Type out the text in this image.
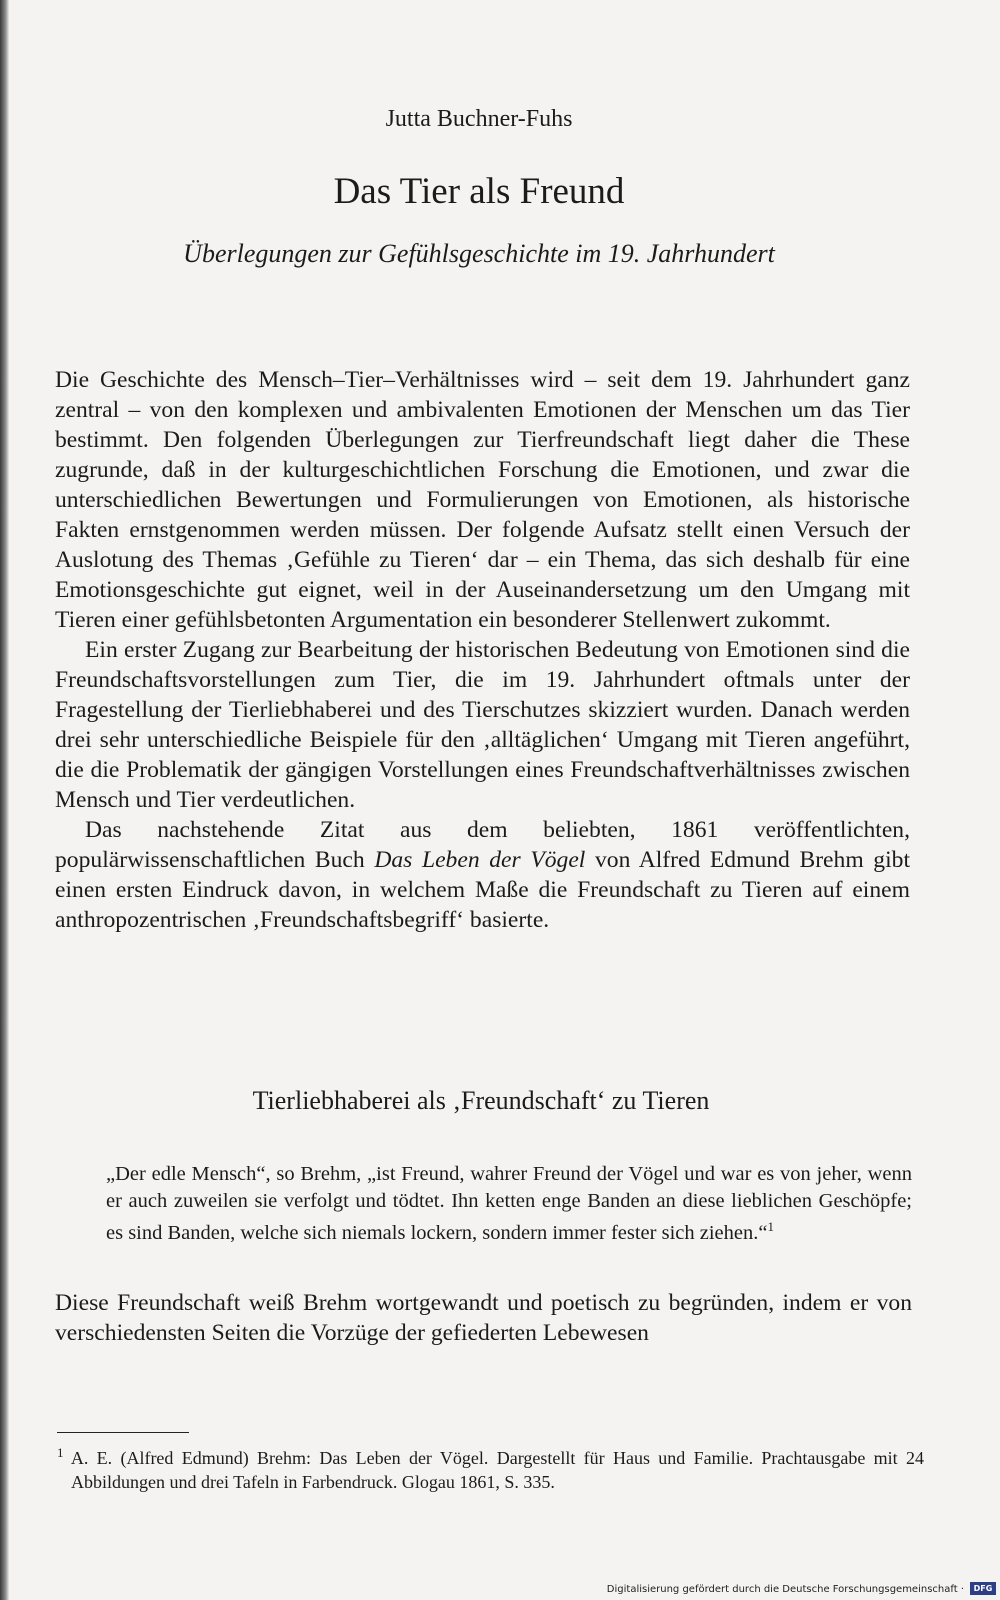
Jutta Buchner-Fuhs
Das Tier als Freund
Überlegungen zur Gefühlsgeschichte im 19. Jahrhundert

Die Geschichte des Mensch–Tier–Verhältnisses wird – seit dem 19. Jahrhundert ganz zentral – von den komplexen und ambivalenten Emotionen der Menschen um das Tier bestimmt. Den folgenden Überlegungen zur Tierfreundschaft liegt daher die These zugrunde, daß in der kulturgeschichtlichen Forschung die Emotionen, und zwar die unterschiedlichen Bewertungen und Formulierungen von Emotionen, als historische Fakten ernstgenommen werden müssen. Der folgende Aufsatz stellt einen Versuch der Auslotung des Themas ‚Gefühle zu Tieren‘ dar – ein Thema, das sich deshalb für eine Emotionsgeschichte gut eignet, weil in der Auseinandersetzung um den Umgang mit Tieren einer gefühlsbetonten Argumentation ein besonderer Stellenwert zukommt.

Ein erster Zugang zur Bearbeitung der historischen Bedeutung von Emotionen sind die Freundschaftsvorstellungen zum Tier, die im 19. Jahrhundert oftmals unter der Fragestellung der Tierliebhaberei und des Tierschutzes skizziert wurden. Danach werden drei sehr unterschiedliche Beispiele für den ‚alltäglichen‘ Umgang mit Tieren angeführt, die die Problematik der gängigen Vorstellungen eines Freundschaftverhältnisses zwischen Mensch und Tier verdeutlichen.

Das nachstehende Zitat aus dem beliebten, 1861 veröffentlichten, populärwissenschaftlichen Buch Das Leben der Vögel von Alfred Edmund Brehm gibt einen ersten Eindruck davon, in welchem Maße die Freundschaft zu Tieren auf einem anthropozentrischen ‚Freundschaftsbegriff‘ basierte.

Tierliebhaberei als ‚Freundschaft‘ zu Tieren
„Der edle Mensch“, so Brehm, „ist Freund, wahrer Freund der Vögel und war es von jeher, wenn er auch zuweilen sie verfolgt und tödtet. Ihn ketten enge Banden an diese lieblichen Geschöpfe; es sind Banden, welche sich niemals lockern, sondern immer fester sich ziehen.“$^1$

Diese Freundschaft weiß Brehm wortgewandt und poetisch zu begründen, indem er von verschiedensten Seiten die Vorzüge der gefiederten Lebewesen

$^1$ A. E. (Alfred Edmund) Brehm: Das Leben der Vögel. Dargestellt für Haus und Familie. Prachtausgabe mit 24 Abbildungen und drei Tafeln in Farbendruck. Glogau 1861, S. 335.
Digitalisierung gefördert durch die Deutsche Forschungsgemeinschaft ·	DFG
